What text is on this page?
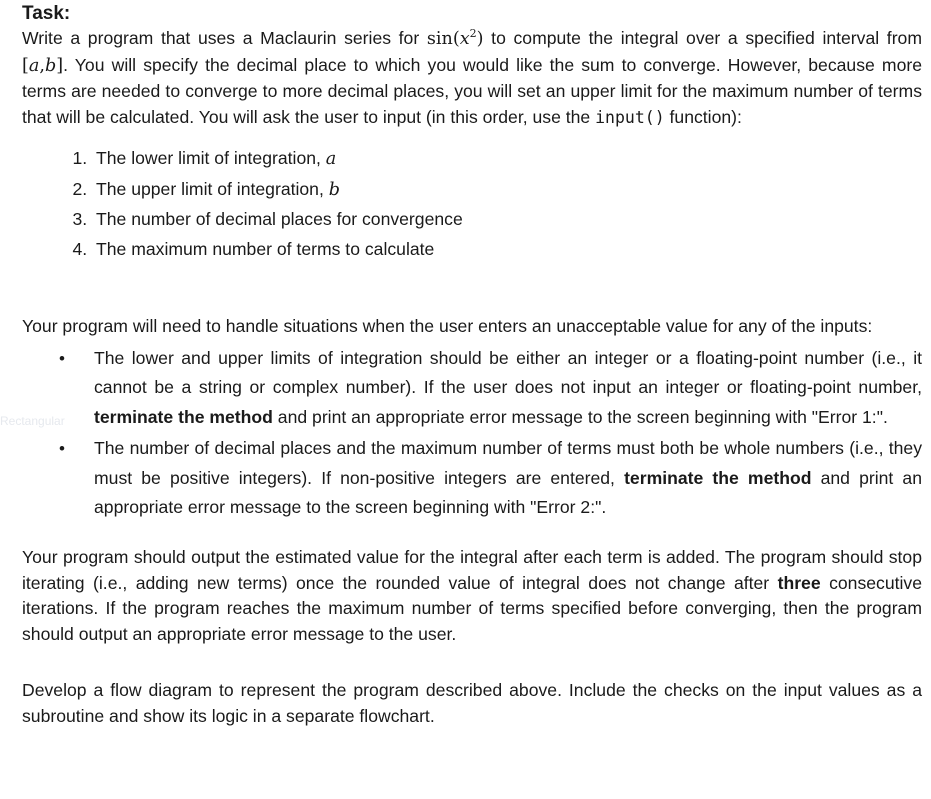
Rectangular
Task:

Write a program that uses a Maclaurin series for $\sin(x^2)$ to compute the integral over a specified interval from [a,b]. You will specify the decimal place to which you would like the sum to converge. However, because more terms are needed to converge to more decimal places, you will set an upper limit for the maximum number of terms that will be calculated. You will ask the user to input (in this order, use the input() function):

1. The lower limit of integration, a
2. The upper limit of integration, b
3. The number of decimal places for convergence
4. The maximum number of terms to calculate

Your program will need to handle situations when the user enters an unacceptable value for any of the inputs:

• The lower and upper limits of integration should be either an integer or a floating-point number (i.e., it cannot be a string or complex number). If the user does not input an integer or floating-point number, terminate the method and print an appropriate error message to the screen beginning with "Error 1:".
• The number of decimal places and the maximum number of terms must both be whole numbers (i.e., they must be positive integers). If non-positive integers are entered, terminate the method and print an appropriate error message to the screen beginning with "Error 2:".

Your program should output the estimated value for the integral after each term is added. The program should stop iterating (i.e., adding new terms) once the rounded value of integral does not change after three consecutive iterations. If the program reaches the maximum number of terms specified before converging, then the program should output an appropriate error message to the user.

Develop a flow diagram to represent the program described above. Include the checks on the input values as a subroutine and show its logic in a separate flowchart.
